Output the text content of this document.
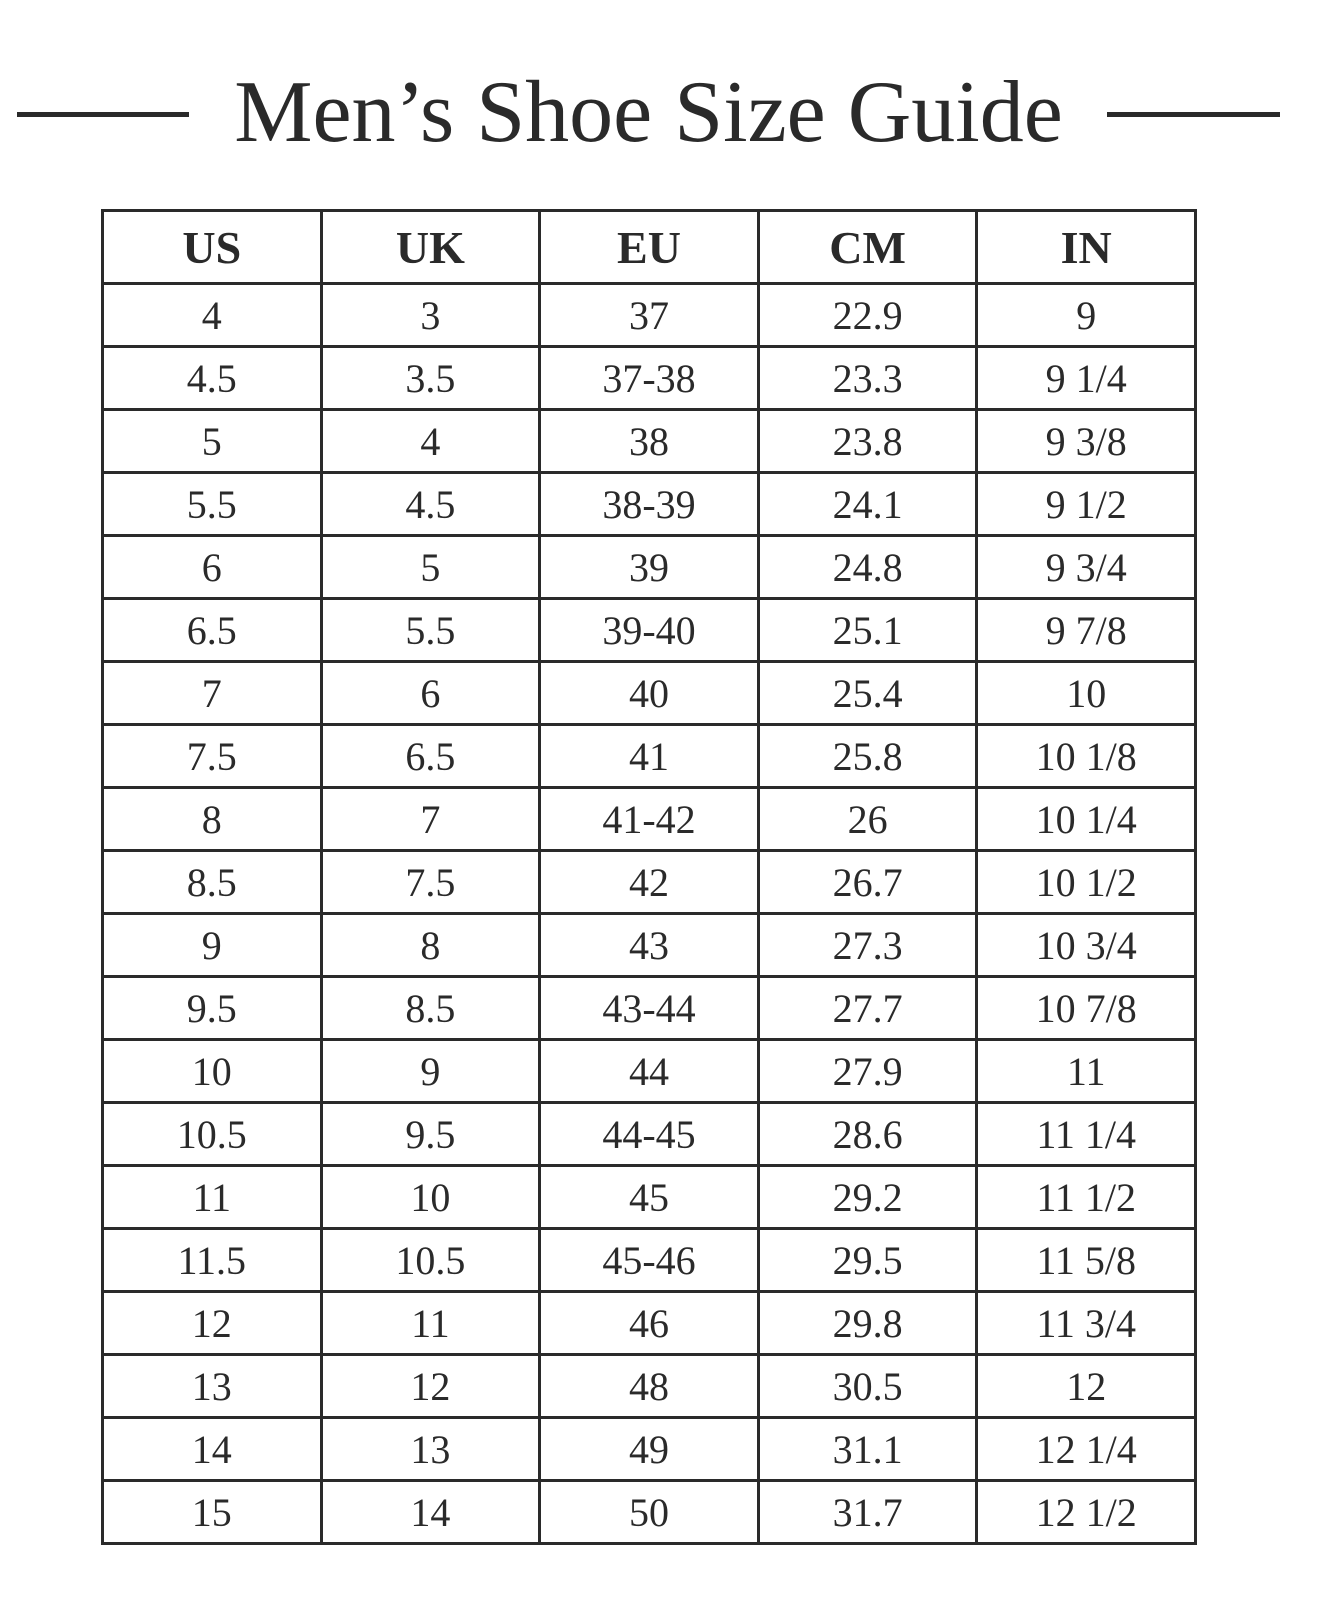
Men’s Shoe Size Guide
US	UK	EU	CM	IN
4	3	37	22.9	9
4.5	3.5	37-38	23.3	9 1/4
5	4	38	23.8	9 3/8
5.5	4.5	38-39	24.1	9 1/2
6	5	39	24.8	9 3/4
6.5	5.5	39-40	25.1	9 7/8
7	6	40	25.4	10
7.5	6.5	41	25.8	10 1/8
8	7	41-42	26	10 1/4
8.5	7.5	42	26.7	10 1/2
9	8	43	27.3	10 3/4
9.5	8.5	43-44	27.7	10 7/8
10	9	44	27.9	11
10.5	9.5	44-45	28.6	11 1/4
11	10	45	29.2	11 1/2
11.5	10.5	45-46	29.5	11 5/8
12	11	46	29.8	11 3/4
13	12	48	30.5	12
14	13	49	31.1	12 1/4
15	14	50	31.7	12 1/2
